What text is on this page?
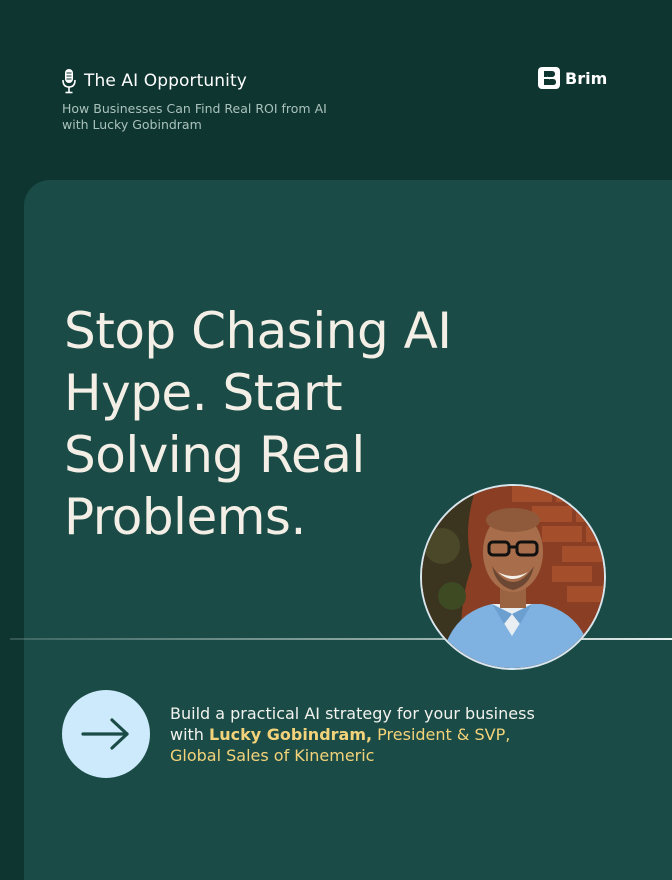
The AI Opportunity
How Businesses Can Find Real ROI from AI
with Lucky Gobindram
Brim
Stop Chasing AI
Hype. Start
Solving Real
Problems.
Build a practical AI strategy for your business
with Lucky Gobindram, President & SVP,
Global Sales of Kinemeric
